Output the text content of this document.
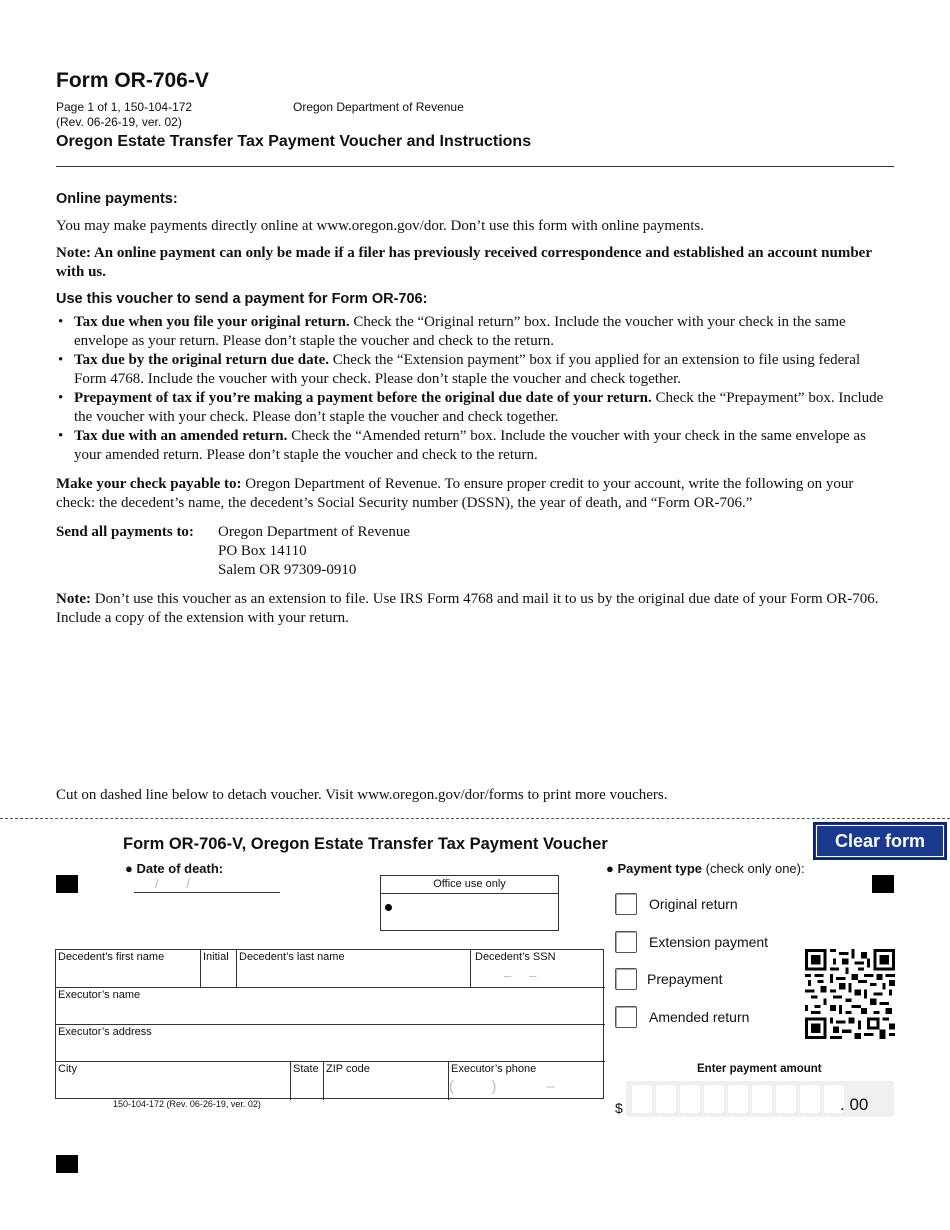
Form OR-706-V
Page 1 of 1, 150-104-172
(Rev. 06-26-19, ver. 02)
Oregon Department of Revenue
Oregon Estate Transfer Tax Payment Voucher and Instructions
Online payments:

You may make payments directly online at www.oregon.gov/dor. Don’t use this form with online payments.

Note: An online payment can only be made if a filer has previously received correspondence and established an account number with us.

Use this voucher to send a payment for Form OR-706:
• Tax due when you file your original return. Check the “Original return” box. Include the voucher with your check in the same envelope as your return. Please don’t staple the voucher and check to the return.
• Tax due by the original return due date. Check the “Extension payment” box if you applied for an extension to file using federal Form 4768. Include the voucher with your check. Please don’t staple the voucher and check together.
• Prepayment of tax if you’re making a payment before the original due date of your return. Check the “Prepayment” box. Include the voucher with your check. Please don’t staple the voucher and check together.
• Tax due with an amended return. Check the “Amended return” box. Include the voucher with your check in the same envelope as your amended return. Please don’t staple the voucher and check to the return.

Make your check payable to: Oregon Department of Revenue. To ensure proper credit to your account, write the following on your check: the decedent’s name, the decedent’s Social Security number (DSSN), the year of death, and “Form OR-706.”

Send all payments to:	Oregon Department of Revenue
PO Box 14110
Salem OR 97309-0910

Note: Don’t use this voucher as an extension to file. Use IRS Form 4768 and mail it to us by the original due date of your Form OR-706. Include a copy of the extension with your return.

Cut on dashed line below to detach voucher. Visit www.oregon.gov/dor/forms to print more vouchers.
Clear form
Form OR-706-V, Oregon Estate Transfer Tax Payment Voucher
● Date of death:
/ /	Office use only
Decedent’s first name	Initial Decedent’s last name	Decedent’s SSN
–     –
Executor’s name
Executor’s address
City	State ZIP code	Executor’s phone
(         )            –
150-104-172 (Rev. 06-26-19, ver. 02)
● Payment type (check only one):
Original return
Extension payment
Prepayment
Amended return
Enter payment amount
$	. 00
